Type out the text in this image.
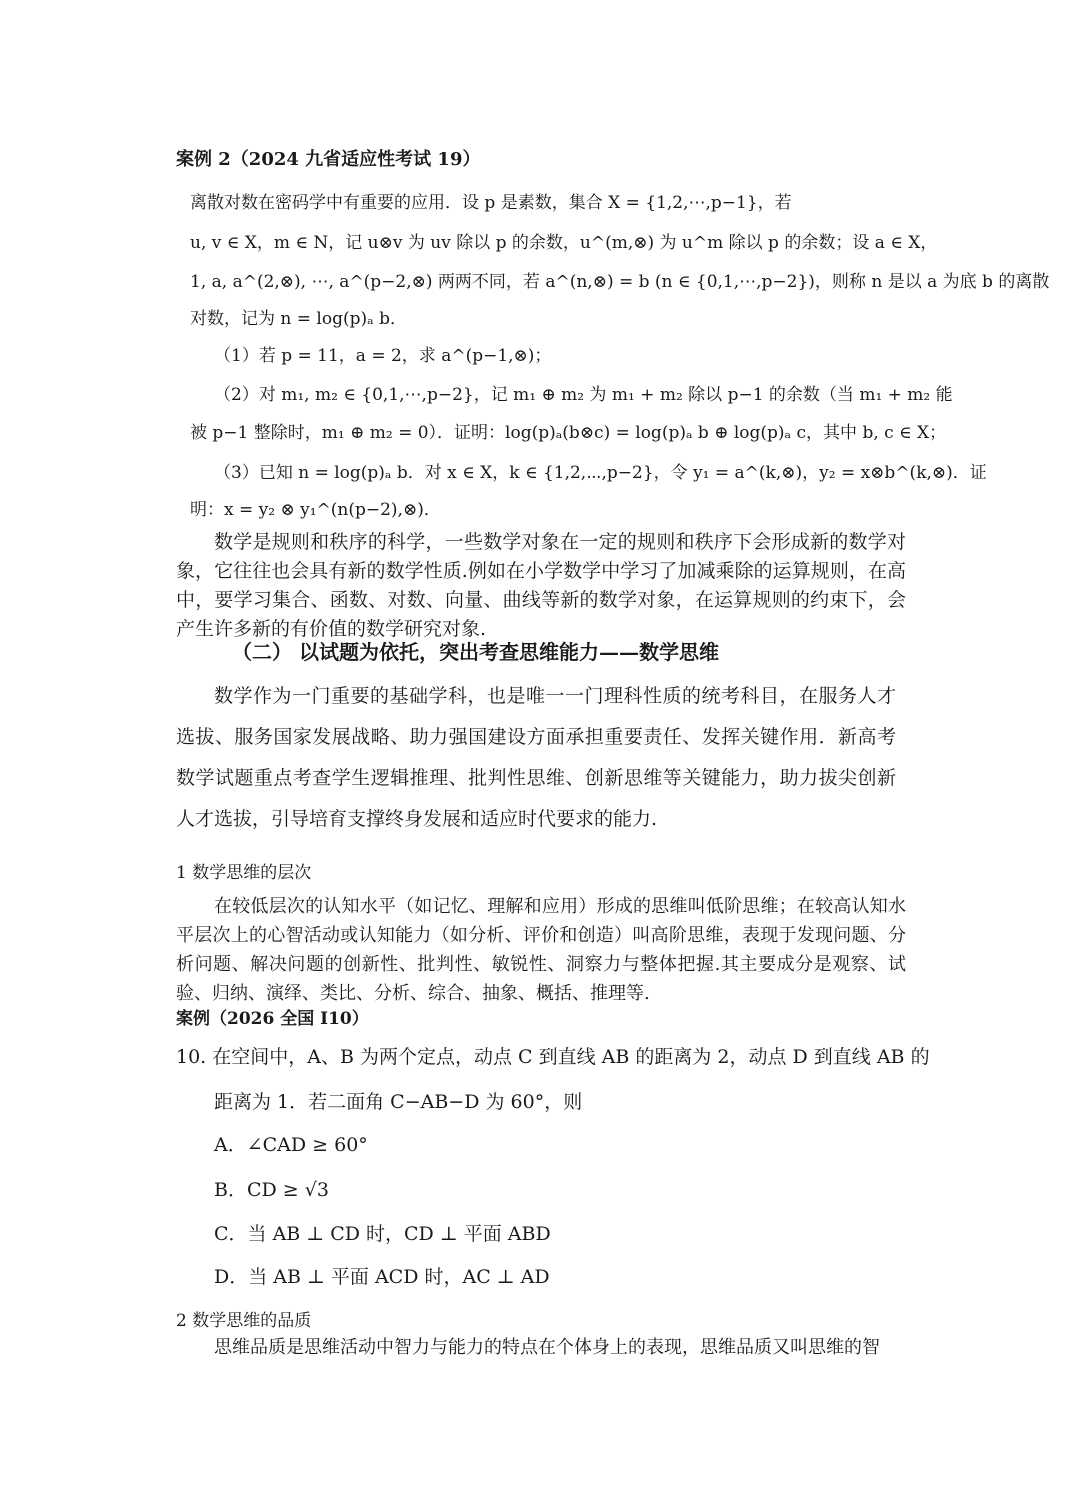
案例 2（2024 九省适应性考试 19）

离散对数在密码学中有重要的应用．设 p 是素数，集合 X = {1,2,⋯,p−1}，若

u, v ∈ X，m ∈ N，记 u⊗v 为 uv 除以 p 的余数，u^(m,⊗) 为 u^m 除以 p 的余数；设 a ∈ X，

1, a, a^(2,⊗), ⋯, a^(p−2,⊗) 两两不同，若 a^(n,⊗) = b (n ∈ {0,1,⋯,p−2})，则称 n 是以 a 为底 b 的离散

对数，记为 n = log(p)ₐ b．

（1）若 p = 11，a = 2，求 a^(p−1,⊗)；

（2）对 m₁, m₂ ∈ {0,1,⋯,p−2}，记 m₁ ⊕ m₂ 为 m₁ + m₂ 除以 p−1 的余数（当 m₁ + m₂ 能

被 p−1 整除时，m₁ ⊕ m₂ = 0）．证明：log(p)ₐ(b⊗c) = log(p)ₐ b ⊕ log(p)ₐ c，其中 b, c ∈ X；

（3）已知 n = log(p)ₐ b．对 x ∈ X，k ∈ {1,2,⋯,p−2}，令 y₁ = a^(k,⊗)，y₂ = x⊗b^(k,⊗)．证

明：x = y₂ ⊗ y₁^(n(p−2),⊗)．

数学是规则和秩序的科学，一些数学对象在一定的规则和秩序下会形成新的数学对象，它往往也会具有新的数学性质.例如在小学数学中学习了加减乘除的运算规则，在高中，要学习集合、函数、对数、向量、曲线等新的数学对象，在运算规则的约束下，会产生许多新的有价值的数学研究对象.

（二） 以试题为依托，突出考查思维能力——数学思维

数学作为一门重要的基础学科，也是唯一一门理科性质的统考科目，在服务人才选拔、服务国家发展战略、助力强国建设方面承担重要责任、发挥关键作用．新高考数学试题重点考查学生逻辑推理、批判性思维、创新思维等关键能力，助力拔尖创新人才选拔，引导培育支撑终身发展和适应时代要求的能力.

1 数学思维的层次

在较低层次的认知水平（如记忆、理解和应用）形成的思维叫低阶思维；在较高认知水平层次上的心智活动或认知能力（如分析、评价和创造）叫高阶思维，表现于发现问题、分析问题、解决问题的创新性、批判性、敏锐性、洞察力与整体把握.其主要成分是观察、试验、归纳、演绎、类比、分析、综合、抽象、概括、推理等.

案例（2026 全国 I10）

10. 在空间中，A、B 为两个定点，动点 C 到直线 AB 的距离为 2，动点 D 到直线 AB 的

距离为 1．若二面角 C−AB−D 为 60°，则

A．∠CAD ≥ 60°

B．CD ≥ √3

C．当 AB ⊥ CD 时，CD ⊥ 平面 ABD

D．当 AB ⊥ 平面 ACD 时，AC ⊥ AD

2 数学思维的品质

思维品质是思维活动中智力与能力的特点在个体身上的表现，思维品质又叫思维的智
